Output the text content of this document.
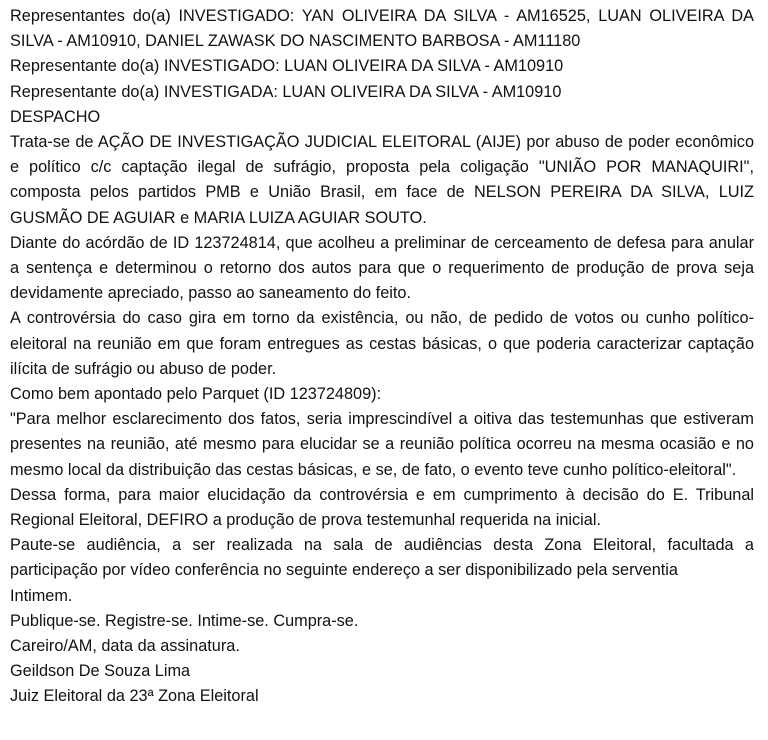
Representantes do(a) INVESTIGADO: YAN OLIVEIRA DA SILVA - AM16525, LUAN OLIVEIRA DA SILVA - AM10910, DANIEL ZAWASK DO NASCIMENTO BARBOSA - AM11180

Representante do(a) INVESTIGADO: LUAN OLIVEIRA DA SILVA - AM10910

Representante do(a) INVESTIGADA: LUAN OLIVEIRA DA SILVA - AM10910

DESPACHO

Trata-se de AÇÃO DE INVESTIGAÇÃO JUDICIAL ELEITORAL (AIJE) por abuso de poder econômico e político c/c captação ilegal de sufrágio, proposta pela coligação "UNIÃO POR MANAQUIRI", composta pelos partidos PMB e União Brasil, em face de NELSON PEREIRA DA SILVA, LUIZ GUSMÃO DE AGUIAR e MARIA LUIZA AGUIAR SOUTO.

Diante do acórdão de ID 123724814, que acolheu a preliminar de cerceamento de defesa para anular a sentença e determinou o retorno dos autos para que o requerimento de produção de prova seja devidamente apreciado, passo ao saneamento do feito.

A controvérsia do caso gira em torno da existência, ou não, de pedido de votos ou cunho político-eleitoral na reunião em que foram entregues as cestas básicas, o que poderia caracterizar captação ilícita de sufrágio ou abuso de poder.

Como bem apontado pelo Parquet (ID 123724809):

"Para melhor esclarecimento dos fatos, seria imprescindível a oitiva das testemunhas que estiveram presentes na reunião, até mesmo para elucidar se a reunião política ocorreu na mesma ocasião e no mesmo local da distribuição das cestas básicas, e se, de fato, o evento teve cunho político-eleitoral".

Dessa forma, para maior elucidação da controvérsia e em cumprimento à decisão do E. Tribunal Regional Eleitoral, DEFIRO a produção de prova testemunhal requerida na inicial.

Paute-se audiência, a ser realizada na sala de audiências desta Zona Eleitoral, facultada a participação por vídeo conferência no seguinte endereço a ser disponibilizado pela serventia

Intimem.

Publique-se. Registre-se. Intime-se. Cumpra-se.

Careiro/AM, data da assinatura.

Geildson De Souza Lima

Juiz Eleitoral da 23ª Zona Eleitoral
